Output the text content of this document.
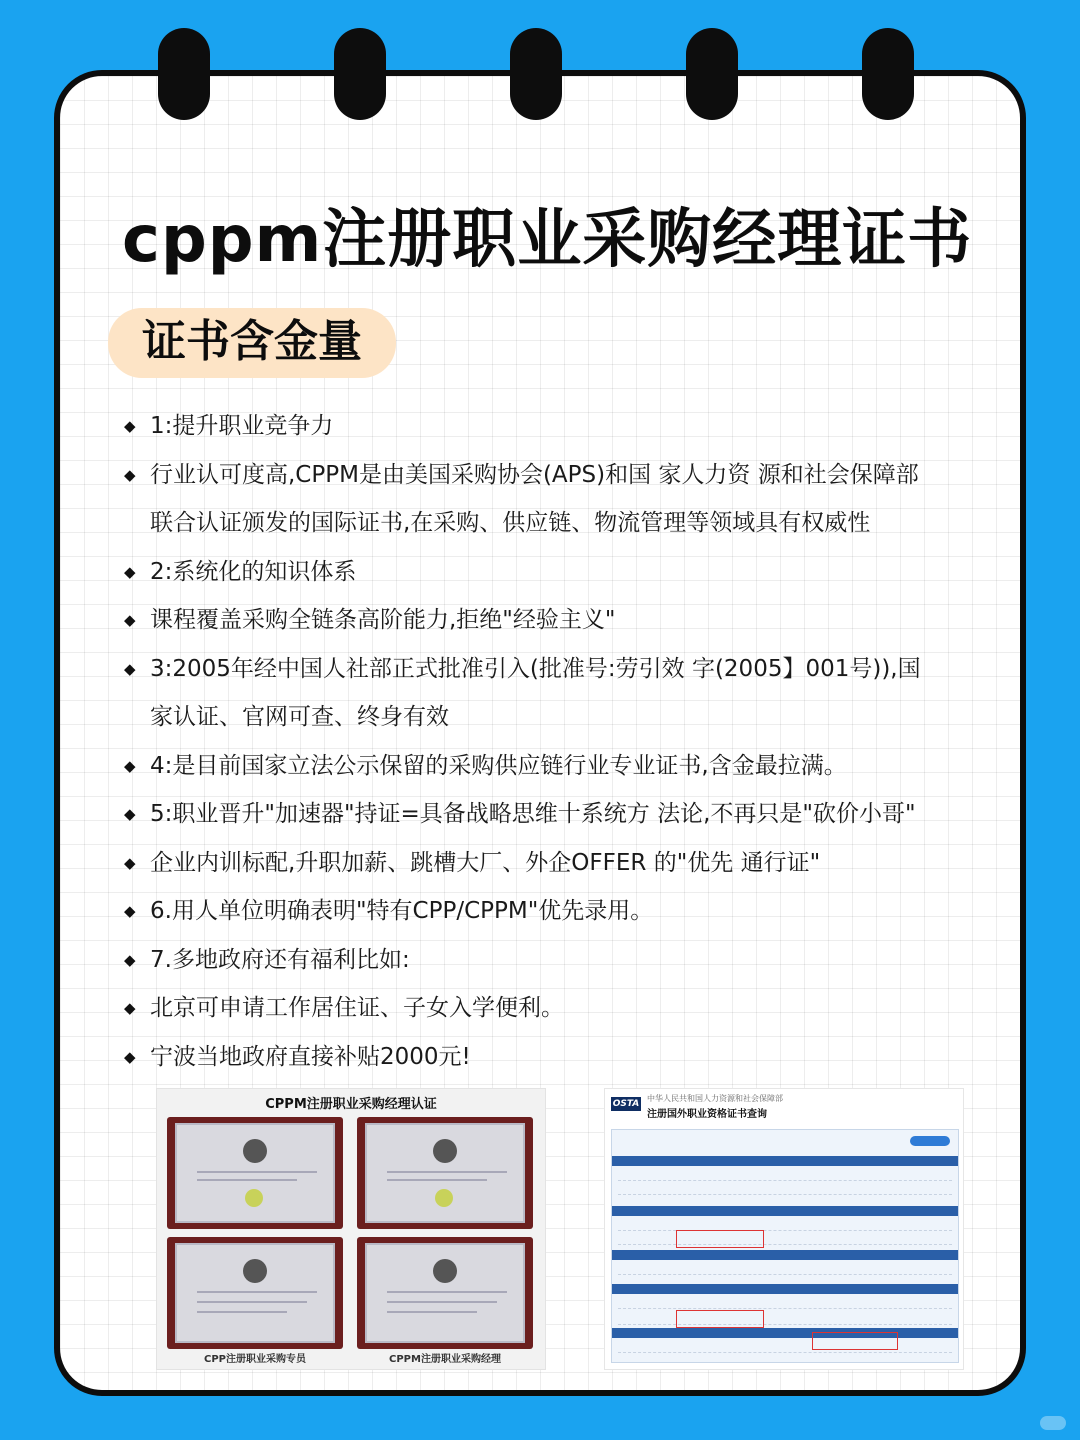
cppm注册职业采购经理证书
证书含金量
◆ 1:提升职业竞争力
◆ 行业认可度高,CPPM是由美国采购协会(APS)和国 家人力资 源和社会保障部
联合认证颁发的国际证书,在采购、供应链、物流管理等领域具有权威性
◆ 2:系统化的知识体系
◆ 课程覆盖采购全链条高阶能力,拒绝"经验主义"
◆ 3:2005年经中国人社部正式批准引入(批准号:劳引效 字(2005】001号)),国
家认证、官网可查、终身有效
◆ 4:是目前国家立法公示保留的采购供应链行业专业证书,含金最拉满。
◆ 5:职业晋升"加速器"持证=具备战略思维十系统方 法论,不再只是"砍价小哥"
◆ 企业内训标配,升职加薪、跳槽大厂、外企OFFER 的"优先 通行证"
◆ 6.用人单位明确表明"特有CPP/CPPM"优先录用。
◆ 7.多地政府还有福利比如:
◆ 北京可申请工作居住证、子女入学便利。
◆ 宁波当地政府直接补贴2000元!
CPPM注册职业采购经理认证
CPP注册职业采购专员	CPPM注册职业采购经理
OSTA
中华人民共和国人力资源和社会保障部
注册国外职业资格证书查询
